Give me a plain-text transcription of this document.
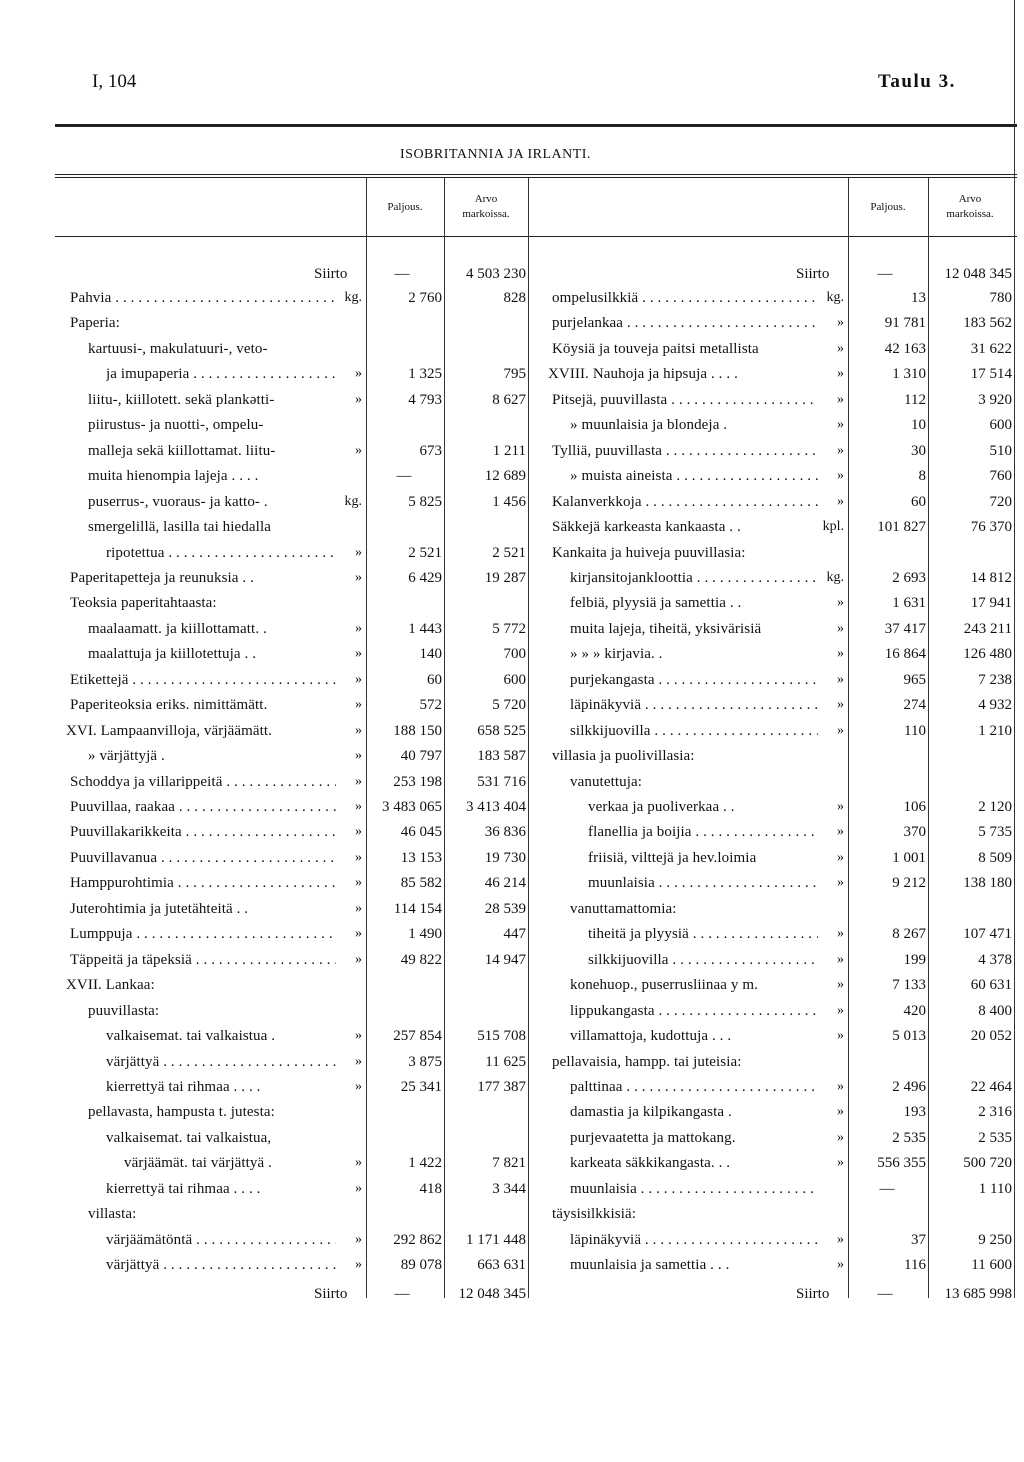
I, 104	Taulu 3.
ISOBRITANNIA JA IRLANTI.
Paljous.
Arvo
markoissa.
Paljous.
Arvo
markoissa.
Siirto	—	4 503 230	Siirto	—	12 048 345
Pahvia . . .	kg.	2 760	828
Paperia:
kartuusi-, makulatuuri-, veto-
ja imupaperia . . .	»	1 325	795
liitu-, kiillotett. sekä plankətti-	»	4 793	8 627
piirustus- ja nuotti-, ompelu-
malleja sekä kiillottamat. liitu-	»	673	1 211
muita hienompia lajeja . . . .	—	12 689
puserrus-, vuoraus- ja katto- .	kg.	5 825	1 456
smergelillä, lasilla tai hiedalla
ripotettua . . .	»	2 521	2 521
Paperitapetteja ja reunuksia . .	»	6 429	19 287
Teoksia paperitahtaasta:
maalaamatt. ja kiillottamatt. .	»	1 443	5 772
maalattuja ja kiillotettuja . .	»	140	700
Etikettejä . . .	»	60	600
Paperiteoksia eriks. nimittämätt.	»	572	5 720
XVI. Lampaanvilloja, värjäämätt.	»	188 150	658 525
» värjättyjä .	»	40 797	183 587
Schoddya ja villarippeitä . . .	»	253 198	531 716
Puuvillaa, raakaa . . .	»	3 483 065	3 413 404
Puuvillakarikkeita . . .	»	46 045	36 836
Puuvillavanua . . .	»	13 153	19 730
Hamppurohtimia . . .	»	85 582	46 214
Juterohtimia ja jutetähteitä . .	»	114 154	28 539
Lumppuja . . .	»	1 490	447
Täppeitä ja täpeksiä . . .	»	49 822	14 947
XVII. Lankaa:
puuvillasta:
valkaisemat. tai valkaistua .	»	257 854	515 708
värjättyä . . .	»	3 875	11 625
kierrettyä tai rihmaa . . . .	»	25 341	177 387
pellavasta, hampusta t. jutesta:
valkaisemat. tai valkaistua,
värjäämät. tai värjättyä .	»	1 422	7 821
kierrettyä tai rihmaa . . . .	»	418	3 344
villasta:
värjäämätöntä . . .	»	292 862	1 171 448
värjättyä . . .	»	89 078	663 631
ompelusilkkiä . . .	kg.	13	780
purjelankaa . . .	»	91 781	183 562
Köysiä ja touveja paitsi metallista	»	42 163	31 622
XVIII. Nauhoja ja hipsuja . . . .	»	1 310	17 514
Pitsejä, puuvillasta . . .	»	112	3 920
» muunlaisia ja blondeja .	»	10	600
Tylliä, puuvillasta . . .	»	30	510
» muista aineista . . .	»	8	760
Kalanverkkoja . . .	»	60	720
Säkkejä karkeasta kankaasta . .	kpl.	101 827	76 370
Kankaita ja huiveja puuvillasia:
kirjansitojankloottia . . .	kg.	2 693	14 812
felbiä, plyysiä ja samettia . .	»	1 631	17 941
muita lajeja, tiheitä, yksivärisiä	»	37 417	243 211
» » » kirjavia. .	»	16 864	126 480
purjekangasta . . .	»	965	7 238
läpinäkyviä . . .	»	274	4 932
silkkijuovilla . . .	»	110	1 210
villasia ja puolivillasia:
vanutettuja:
verkaa ja puoliverkaa . .	»	106	2 120
flanellia ja boijia . . .	»	370	5 735
friisiä, vilttejä ja hev.loimia	»	1 001	8 509
muunlaisia . . .	»	9 212	138 180
vanuttamattomia:
tiheitä ja plyysiä . . .	»	8 267	107 471
silkkijuovilla . . .	»	199	4 378
konehuop., puserrusliinaa y m.	»	7 133	60 631
lippukangasta . . .	»	420	8 400
villamattoja, kudottuja . . .	»	5 013	20 052
pellavaisia, hampp. tai juteisia:
palttinaa . . .	»	2 496	22 464
damastia ja kilpikangasta .	»	193	2 316
purjevaatetta ja mattokang.	»	2 535	2 535
karkeata säkkikangasta. . .	»	556 355	500 720
muunlaisia . . .	—	1 110
täysisilkkisiä:
läpinäkyviä . . .	»	37	9 250
muunlaisia ja samettia . . .	»	116	11 600
Siirto	—	12 048 345	Siirto	—	13 685 998
